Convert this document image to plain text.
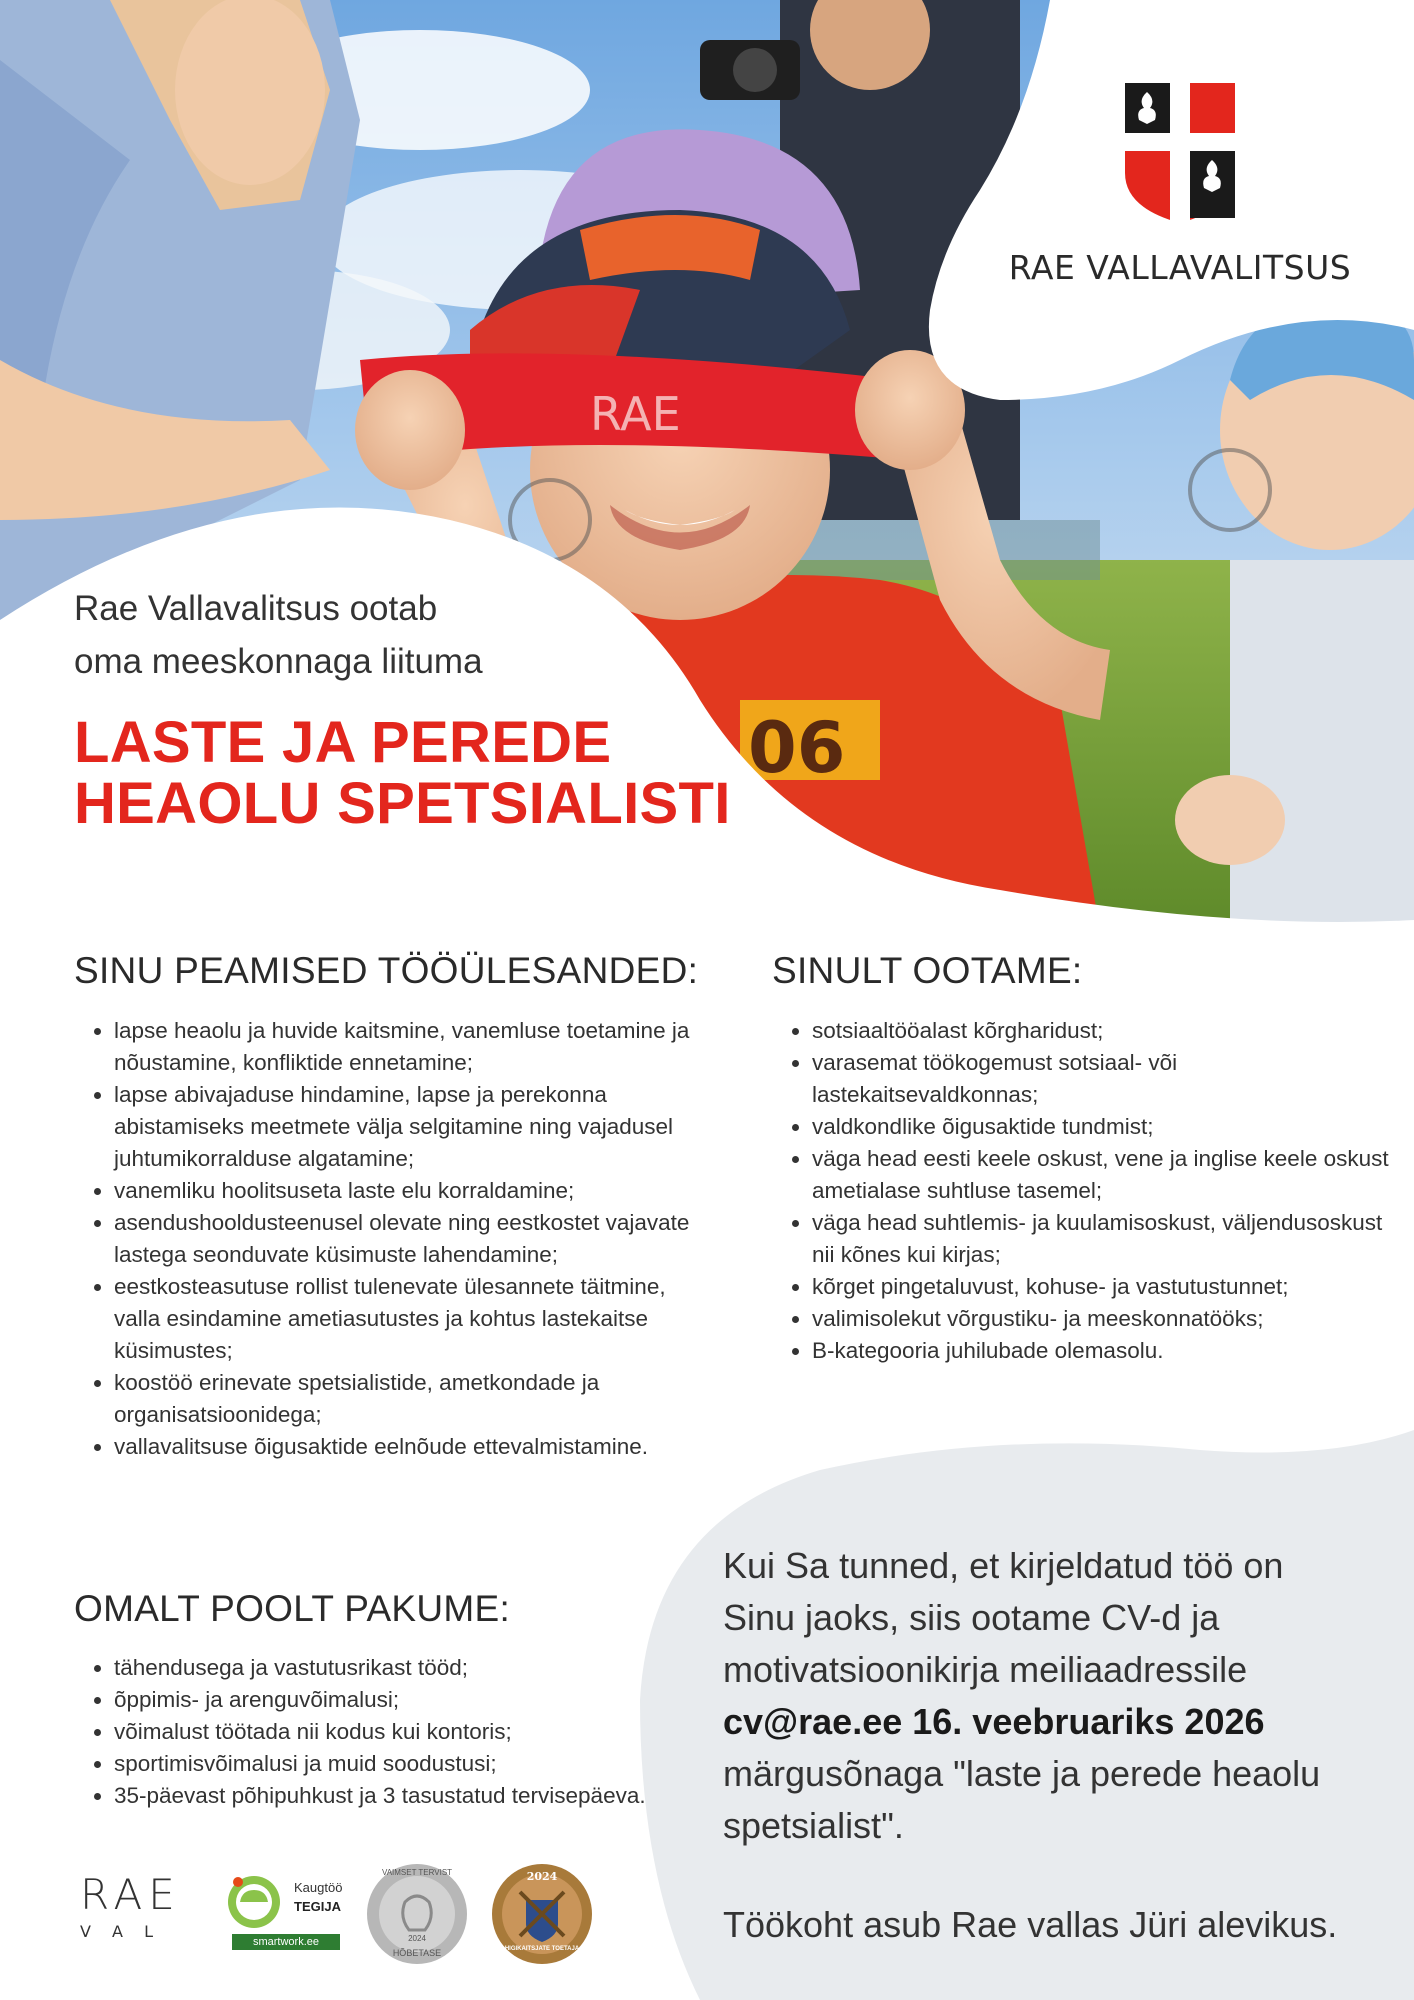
06
RAE
RAE VALLAVALITSUS
Rae Vallavalitsus ootab
oma meeskonnaga liituma
LASTE JA PEREDE
HEAOLU SPETSIALISTI
SINU PEAMISED TÖÖÜLESANDED:
• lapse heaolu ja huvide kaitsmine, vanemluse toetamine ja nõustamine, konfliktide ennetamine;
• lapse abivajaduse hindamine, lapse ja perekonna abistamiseks meetmete välja selgitamine ning vajadusel juhtumikorralduse algatamine;
• vanemliku hoolitsuseta laste elu korraldamine;
• asendushooldusteenusel olevate ning eestkostet vajavate lastega seonduvate küsimuste lahendamine;
• eestkosteasutuse rollist tulenevate ülesannete täitmine, valla esindamine ametiasutustes ja kohtus lastekaitse küsimustes;
• koostöö erinevate spetsialistide, ametkondade ja organisatsioonidega;
• vallavalitsuse õigusaktide eelnõude ettevalmistamine.
SINULT OOTAME:
• sotsiaaltööalast kõrgharidust;
• varasemat töökogemust sotsiaal- või lastekaitsevaldkonnas;
• valdkondlike õigusaktide tundmist;
• väga head eesti keele oskust, vene ja inglise keele oskust ametialase suhtluse tasemel;
• väga head suhtlemis- ja kuulamisoskust, väljendusoskust nii kõnes kui kirjas;
• kõrget pingetaluvust, kohuse- ja vastutustunnet;
• valimisolekut võrgustiku- ja meeskonnatööks;
• B-kategooria juhilubade olemasolu.
OMALT POOLT PAKUME:
• tähendusega ja vastutusrikast tööd;
• õppimis- ja arenguvõimalusi;
• võimalust töötada nii kodus kui kontoris;
• sportimisvõimalusi ja muid soodustusi;
• 35-päevast põhipuhkust ja 3 tasustatud tervisepäeva.
Kui Sa tunned, et kirjeldatud töö on
Sinu jaoks, siis ootame CV-d ja
motivatsioonikirja meiliaadressile
cv@rae.ee 16. veebruariks 2026
märgusõnaga "laste ja perede heaolu
spetsialist".
Töökoht asub Rae vallas Jüri alevikus.
RAE
V A L
Kaugtöö
TEGIJA
smartwork.ee
VAIMSET TERVIST
2024
HÕBETASE
2024
HIGIKAITSJATE TOETAJA
